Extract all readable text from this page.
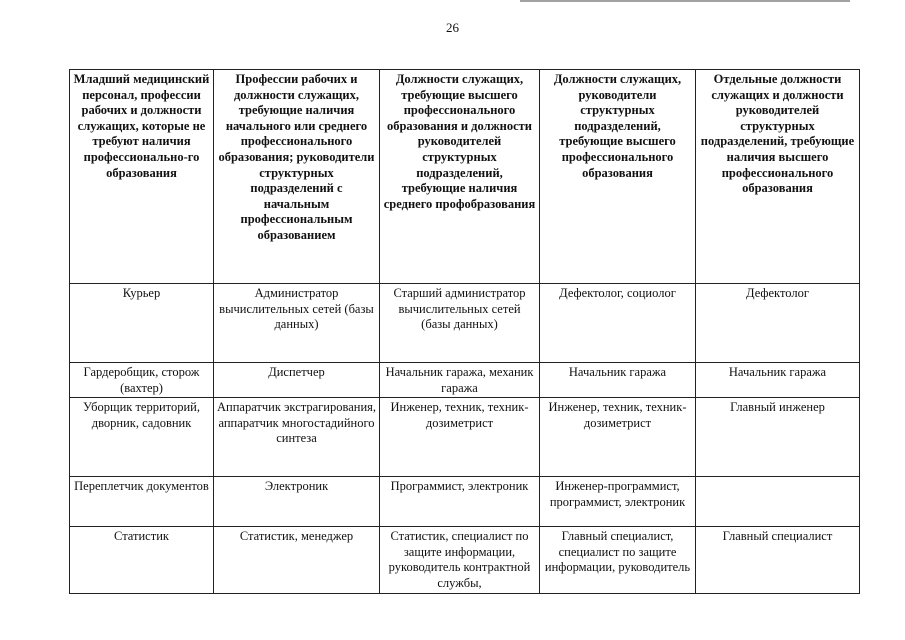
26
Младший медицинский персонал, профессии рабочих и должности служащих, которые не требуют наличия профессионально-го образования	Профессии рабочих и должности служащих, требующие наличия начального или среднего профессионального образования; руководители структурных подразделений с начальным профессиональным образованием	Должности служащих, требующие высшего профессионального образования и должности руководителей структурных подразделений, требующие наличия среднего профобразования	Должности служащих, руководители структурных подразделений, требующие высшего профессионального образования	Отдельные должности служащих и должности руководителей структурных подразделений, требующие наличия высшего профессионального образования

Курьер	Администратор вычислительных сетей (базы данных)	Старший администратор вычислительных сетей (базы данных)	Дефектолог, социолог	Дефектолог
Гардеробщик, сторож (вахтер)	Диспетчер	Начальник гаража, механик гаража	Начальник гаража	Начальник гаража
Уборщик территорий, дворник, садовник	Аппаратчик экстрагирования, аппаратчик многостадийного синтеза	Инженер, техник, техник-дозиметрист	Инженер, техник, техник- дозиметрист	Главный инженер
Переплетчик документов	Электроник	Программист, электроник	Инженер-программист, программист, электроник	
Статистик	Статистик, менеджер	Статистик, специалист по защите информации, руководитель контрактной службы,	Главный специалист, специалист по защите информации, руководитель	Главный специалист
